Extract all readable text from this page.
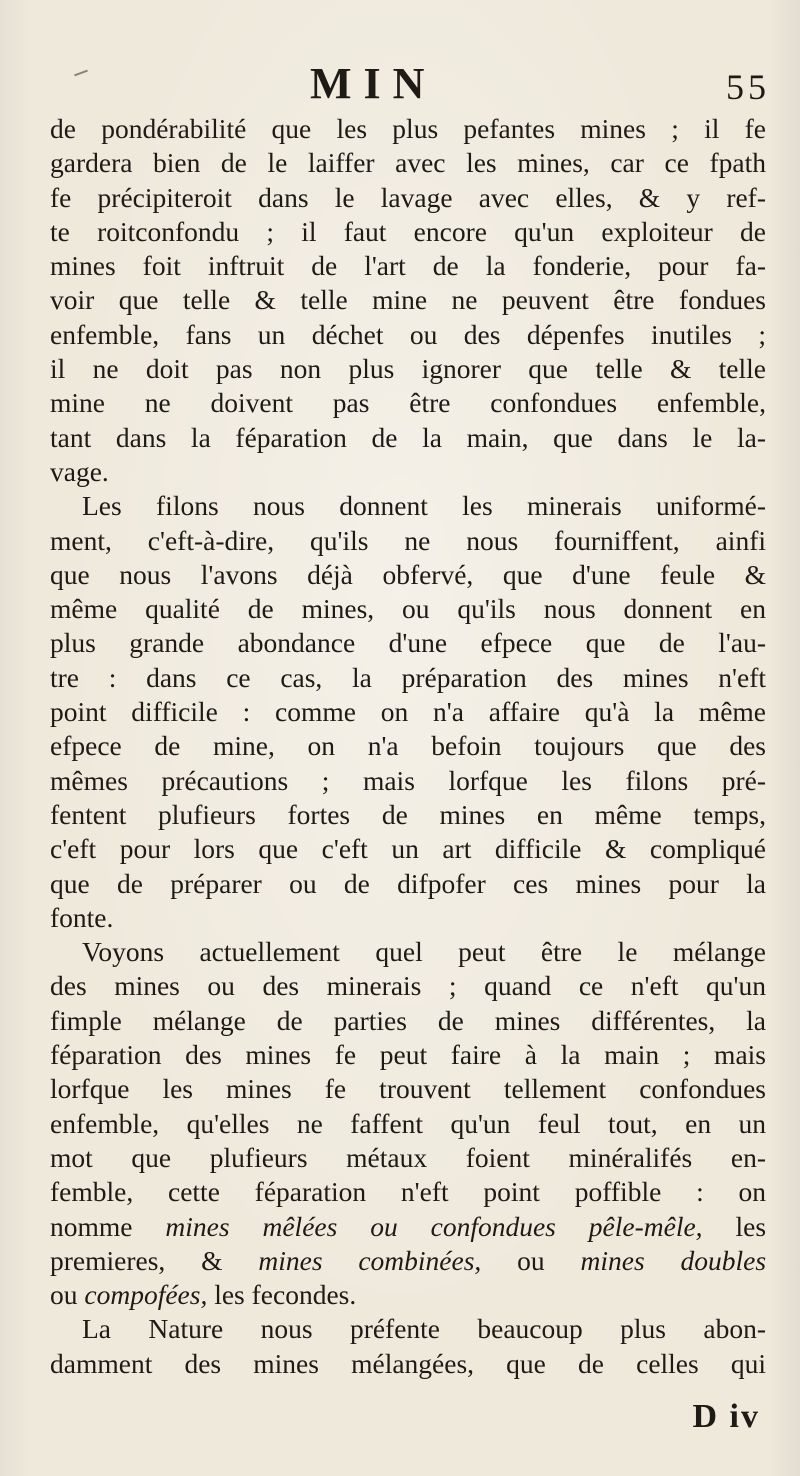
MIN	55

de pondérabilité que les plus pefantes mines ; il fe
gardera bien de le laiffer avec les mines, car ce fpath
fe précipiteroit dans le lavage avec elles, & y ref-
te roitconfondu ; il faut encore qu'un exploiteur de
mines foit inftruit de l'art de la fonderie, pour fa-
voir que telle & telle mine ne peuvent être fondues
enfemble, fans un déchet ou des dépenfes inutiles ;
il ne doit pas non plus ignorer que telle & telle
mine ne doivent pas être confondues enfemble,
tant dans la féparation de la main, que dans le la-
vage.

Les filons nous donnent les minerais uniformé-
ment, c'eft-à-dire, qu'ils ne nous fourniffent, ainfi
que nous l'avons déjà obfervé, que d'une feule &
même qualité de mines, ou qu'ils nous donnent en
plus grande abondance d'une efpece que de l'au-
tre : dans ce cas, la préparation des mines n'eft
point difficile : comme on n'a affaire qu'à la même
efpece de mine, on n'a befoin toujours que des
mêmes précautions ; mais lorfque les filons pré-
fentent plufieurs fortes de mines en même temps,
c'eft pour lors que c'eft un art difficile & compliqué
que de préparer ou de difpofer ces mines pour la
fonte.

Voyons actuellement quel peut être le mélange
des mines ou des minerais ; quand ce n'eft qu'un
fimple mélange de parties de mines différentes, la
féparation des mines fe peut faire à la main ; mais
lorfque les mines fe trouvent tellement confondues
enfemble, qu'elles ne faffent qu'un feul tout, en un
mot que plufieurs métaux foient minéralifés en-
femble, cette féparation n'eft point poffible : on
nomme mines mêlées ou confondues pêle-mêle, les
premieres, & mines combinées, ou mines doubles
ou compofées, les fecondes.

La Nature nous préfente beaucoup plus abon-
damment des mines mélangées, que de celles qui

D iv
